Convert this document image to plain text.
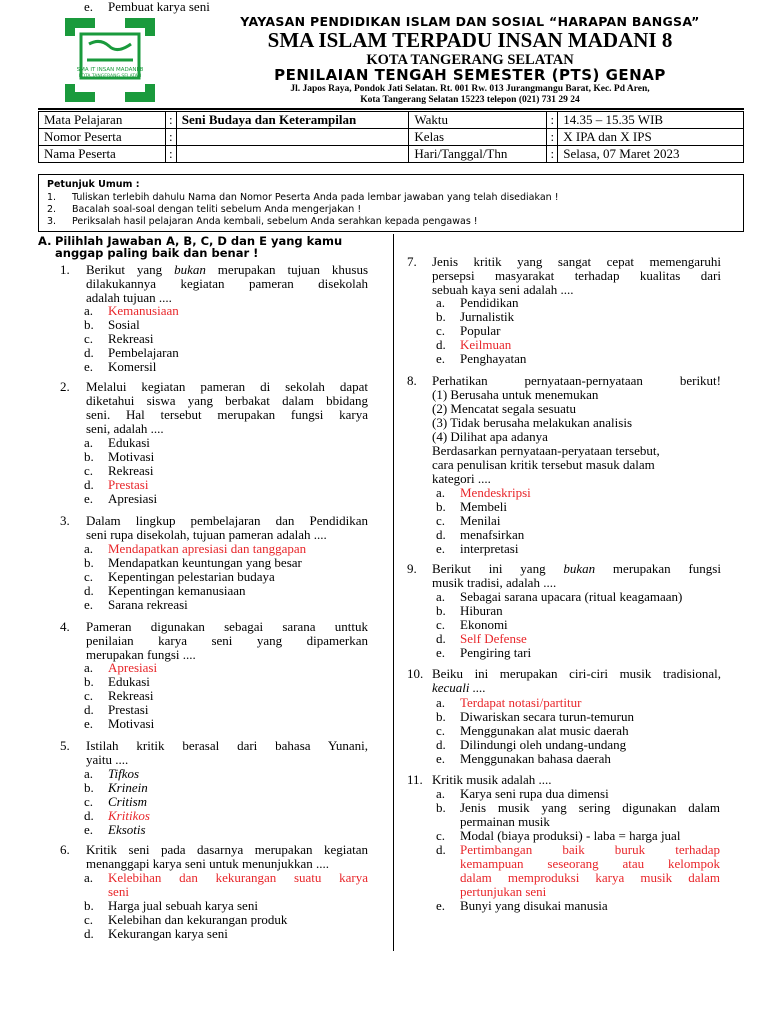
SMA IT INSAN MADANI 8
KOTA TANGERANG SELATAN
YAYASAN PENDIDIKAN ISLAM DAN SOSIAL “HARAPAN BANGSA”
SMA ISLAM TERPADU INSAN MADANI 8
KOTA TANGERANG SELATAN
PENILAIAN TENGAH SEMESTER (PTS) GENAP
Jl. Japos Raya, Pondok Jati Selatan. Rt. 001 Rw. 013 Jurangmangu Barat, Kec. Pd Aren,
Kota Tangerang Selatan 15223 telepon (021) 731 29 24
Mata Pelajaran	:	Seni Budaya dan Keterampilan	Waktu	:	14.35 – 15.35 WIB
Nomor Peserta	:		Kelas	:	X IPA dan X IPS
Nama Peserta	:		Hari/Tanggal/Thn	:	Selasa, 07 Maret 2023
Petunjuk Umum :
1. Tuliskan terlebih dahulu Nama dan Nomor Peserta Anda pada lembar jawaban yang telah disediakan !
2. Bacalah soal-soal dengan teliti sebelum Anda mengerjakan !
3. Periksalah hasil pelajaran Anda kembali, sebelum Anda serahkan kepada pengawas !
A. Pilihlah Jawaban A, B, C, D dan E yang kamu
anggap paling baik dan benar !
1.	Berikut yang bukan merupakan tujuan khusus
dilakukannya kegiatan pameran disekolah
adalah tujuan ....
a. Kemanusiaan
b. Sosial
c. Rekreasi
d. Pembelajaran
e. Komersil
2.	Melalui kegiatan pameran di sekolah dapat
diketahui siswa yang berbakat dalam bbidang
seni. Hal tersebut merupakan fungsi karya
seni, adalah ....
a. Edukasi
b. Motivasi
c. Rekreasi
d. Prestasi
e. Apresiasi
3.	Dalam lingkup pembelajaran dan Pendidikan
seni rupa disekolah, tujuan pameran adalah ....
a. Mendapatkan apresiasi dan tanggapan
b. Mendapatkan keuntungan yang besar
c. Kepentingan pelestarian budaya
d. Kepentingan kemanusiaan
e. Sarana rekreasi
4.	Pameran digunakan sebagai sarana unttuk
penilaian karya seni yang dipamerkan
merupakan fungsi ....
a. Apresiasi
b. Edukasi
c. Rekreasi
d. Prestasi
e. Motivasi
5.	Istilah kritik berasal dari bahasa Yunani,
yaitu ....
a. Tifkos
b. Krinein
c. Critism
d. Kritikos
e. Eksotis
6.	Kritik seni pada dasarnya merupakan kegiatan
menanggapi karya seni untuk menunjukkan ....
a. Kelebihan dan kekurangan suatu karya
seni
b. Harga jual sebuah karya seni
c. Kelebihan dan kekurangan produk
d. Kekurangan karya seni
e. Pembuat karya seni
7.	Jenis kritik yang sangat cepat memengaruhi
persepsi masyarakat terhadap kualitas dari
sebuah kaya seni adalah ....
a. Pendidikan
b. Jurnalistik
c. Popular
d. Keilmuan
e. Penghayatan
8.	Perhatikan pernyataan-pernyataan berikut!
(1) Berusaha untuk menemukan
(2) Mencatat segala sesuatu
(3) Tidak berusaha melakukan analisis
(4) Dilihat apa adanya
Berdasarkan pernyataan-peryataan tersebut,
cara penulisan kritik tersebut masuk dalam
kategori ....
a. Mendeskripsi
b. Membeli
c. Menilai
d. menafsirkan
e. interpretasi
9.	Berikut ini yang bukan merupakan fungsi
musik tradisi, adalah ....
a. Sebagai sarana upacara (ritual keagamaan)
b. Hiburan
c. Ekonomi
d. Self Defense
e. Pengiring tari
10. Beiku ini merupakan ciri-ciri musik tradisional,
kecuali ....
a. Terdapat notasi/partitur
b. Diwariskan secara turun-temurun
c. Menggunakan alat music daerah
d. Dilindungi oleh undang-undang
e. Menggunakan bahasa daerah
11. Kritik musik adalah ....
a. Karya seni rupa dua dimensi
b. Jenis musik yang sering digunakan dalam
permainan musik
c. Modal (biaya produksi) - laba = harga jual
d. Pertimbangan baik buruk terhadap
kemampuan seseorang atau kelompok
dalam memproduksi karya musik dalam
pertunjukan seni
e. Bunyi yang disukai manusia
